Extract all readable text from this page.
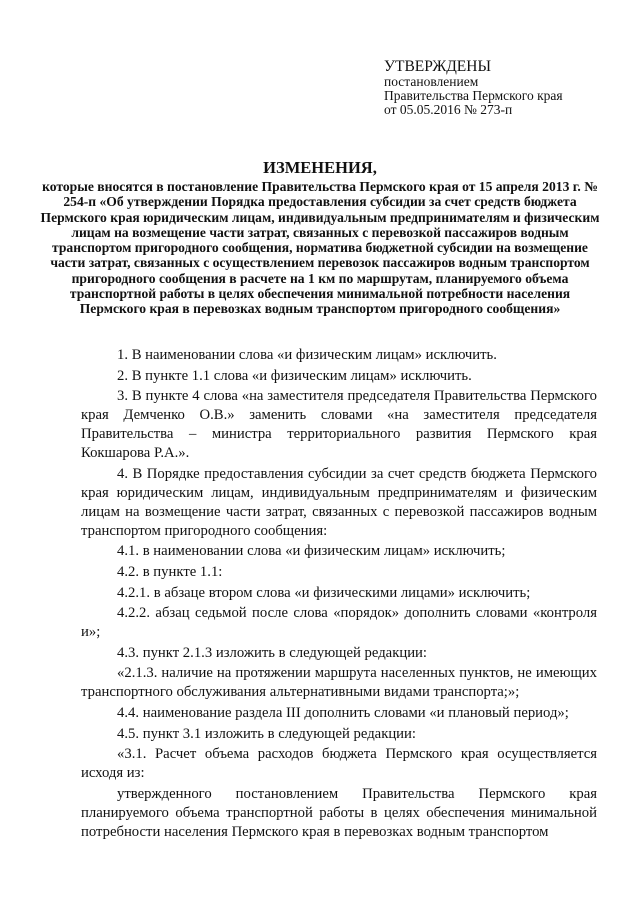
УТВЕРЖДЕНЫ
постановлением
Правительства Пермского края
от 05.05.2016 № 273-п
ИЗМЕНЕНИЯ,
которые вносятся в постановление Правительства Пермского края от 15 апреля 2013 г. № 254-п «Об утверждении Порядка предоставления субсидии за счет средств бюджета Пермского края юридическим лицам, индивидуальным предпринимателям и физическим лицам на возмещение части затрат, связанных с перевозкой пассажиров водным транспортом пригородного сообщения, норматива бюджетной субсидии на возмещение части затрат, связанных с осуществлением перевозок пассажиров водным транспортом пригородного сообщения в расчете на 1 км по маршрутам, планируемого объема транспортной работы в целях обеспечения минимальной потребности населения Пермского края в перевозках водным транспортом пригородного сообщения»

1. В наименовании слова «и физическим лицам» исключить.

2. В пункте 1.1 слова «и физическим лицам» исключить.

3. В пункте 4 слова «на заместителя председателя Правительства Пермского края Демченко О.В.» заменить словами «на заместителя председателя Правительства – министра территориального развития Пермского края Кокшарова Р.А.».

4. В Порядке предоставления субсидии за счет средств бюджета Пермского края юридическим лицам, индивидуальным предпринимателям и физическим лицам на возмещение части затрат, связанных с перевозкой пассажиров водным транспортом пригородного сообщения:

4.1. в наименовании слова «и физическим лицам» исключить;

4.2. в пункте 1.1:

4.2.1. в абзаце втором слова «и физическими лицами» исключить;

4.2.2. абзац седьмой после слова «порядок» дополнить словами «контроля и»;

4.3. пункт 2.1.3 изложить в следующей редакции:

«2.1.3. наличие на протяжении маршрута населенных пунктов, не имеющих транспортного обслуживания альтернативными видами транспорта;»;

4.4. наименование раздела III дополнить словами «и плановый период»;

4.5. пункт 3.1 изложить в следующей редакции:

«3.1. Расчет объема расходов бюджета Пермского края осуществляется исходя из:

утвержденного постановлением Правительства Пермского края планируемого объема транспортной работы в целях обеспечения минимальной потребности населения Пермского края в перевозках водным транспортом
